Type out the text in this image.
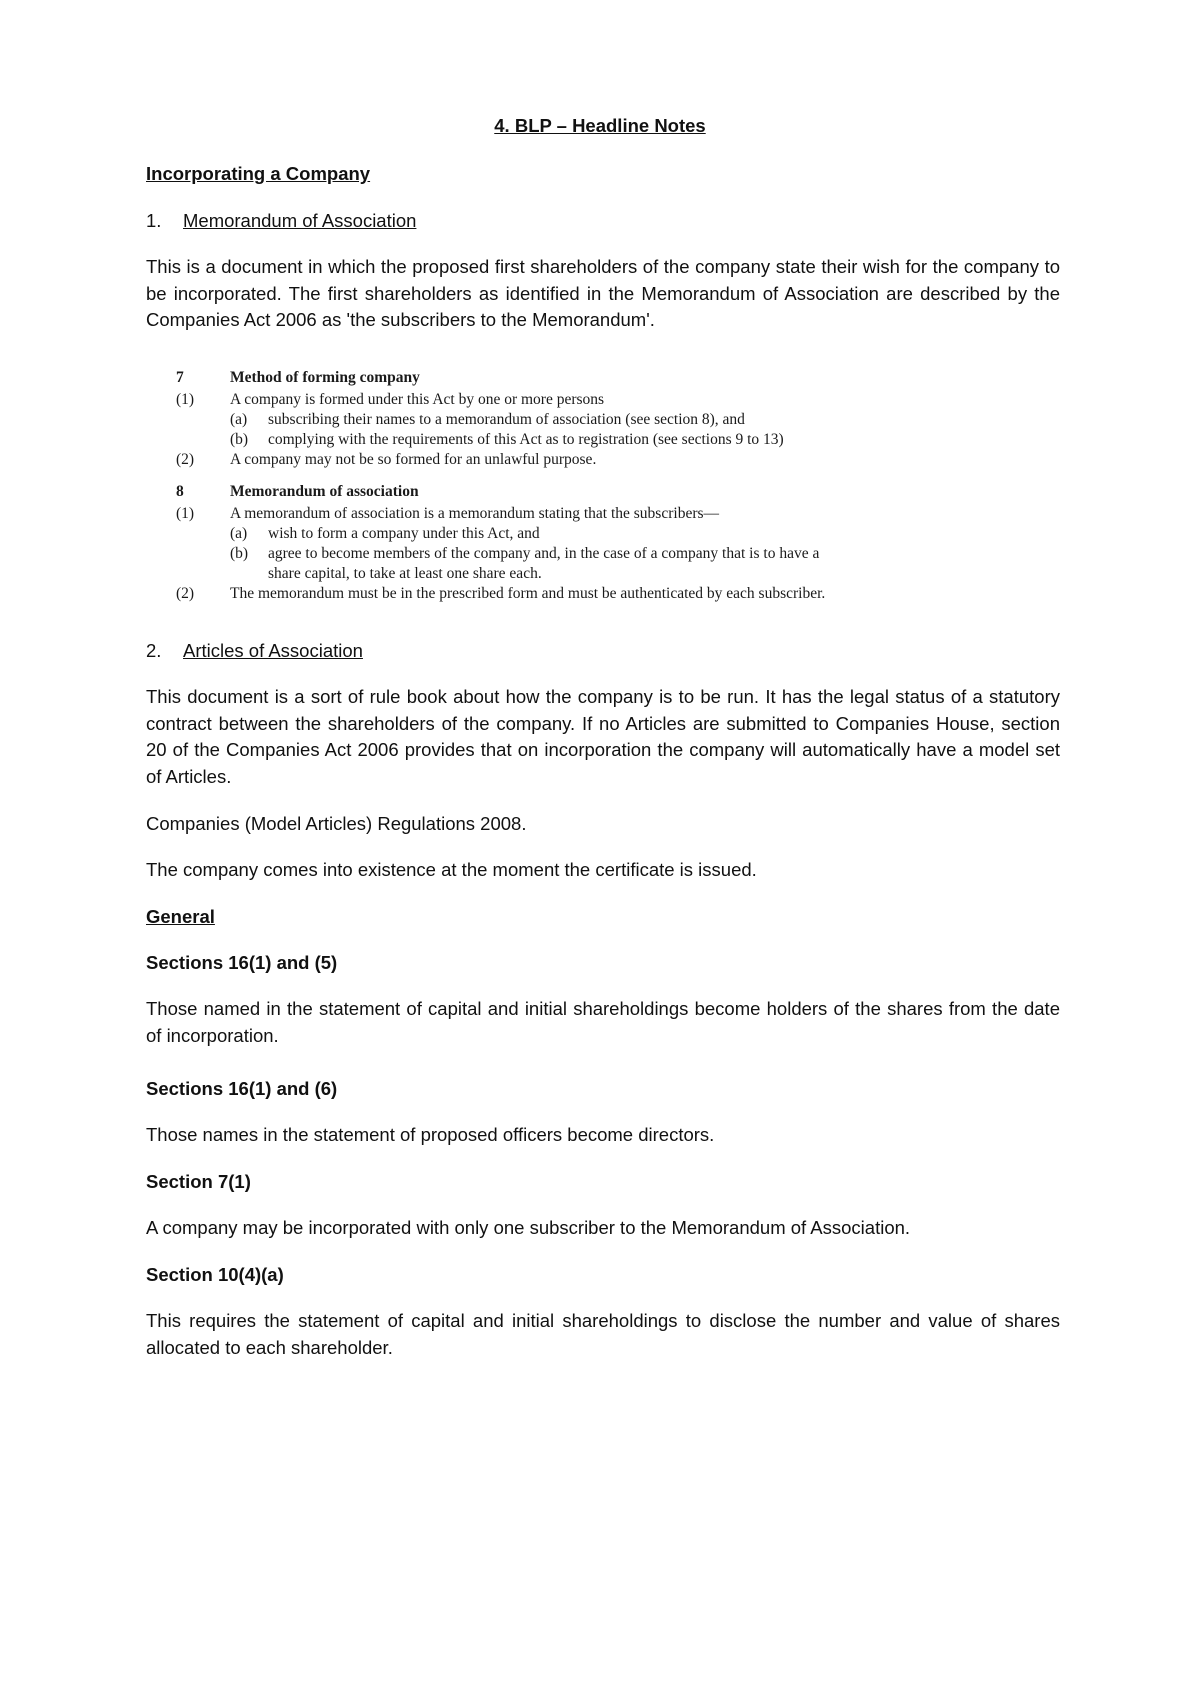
4. BLP – Headline Notes
Incorporating a Company
1. Memorandum of Association
This is a document in which the proposed first shareholders of the company state their wish for the company to be incorporated. The first shareholders as identified in the Memorandum of Association are described by the Companies Act 2006 as 'the subscribers to the Memorandum'.
7	Method of forming company
(1) A company is formed under this Act by one or more persons
(a) subscribing their names to a memorandum of association (see section 8), and
(b) complying with the requirements of this Act as to registration (see sections 9 to 13)
(2) A company may not be so formed for an unlawful purpose.
8	Memorandum of association
(1) A memorandum of association is a memorandum stating that the subscribers—
(a) wish to form a company under this Act, and
(b) agree to become members of the company and, in the case of a company that is to have a
share capital, to take at least one share each.
(2) The memorandum must be in the prescribed form and must be authenticated by each subscriber.
2. Articles of Association
This document is a sort of rule book about how the company is to be run. It has the legal status of a statutory contract between the shareholders of the company. If no Articles are submitted to Companies House, section 20 of the Companies Act 2006 provides that on incorporation the company will automatically have a model set of Articles.
Companies (Model Articles) Regulations 2008.
The company comes into existence at the moment the certificate is issued.
General
Sections 16(1) and (5)
Those named in the statement of capital and initial shareholdings become holders of the shares from the date of incorporation.
Sections 16(1) and (6)
Those names in the statement of proposed officers become directors.
Section 7(1)
A company may be incorporated with only one subscriber to the Memorandum of Association.
Section 10(4)(a)
This requires the statement of capital and initial shareholdings to disclose the number and value of shares allocated to each shareholder.
